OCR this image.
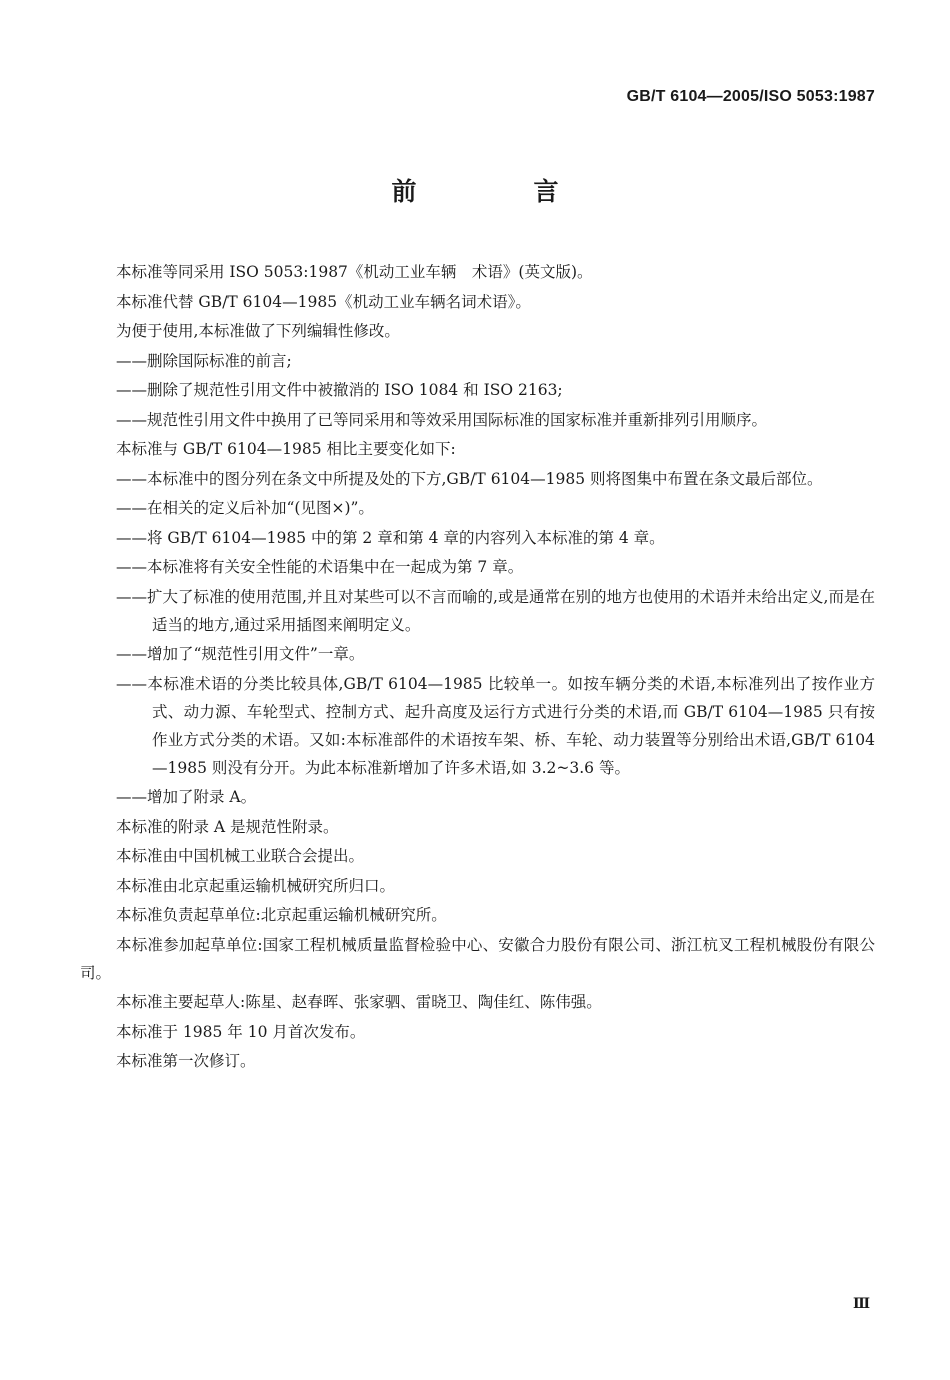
GB/T 6104—2005/ISO 5053:1987
前　言

本标准等同采用 ISO 5053:1987《机动工业车辆　术语》(英文版)。

本标准代替 GB/T 6104—1985《机动工业车辆名词术语》。

为便于使用,本标准做了下列编辑性修改。

——删除国际标准的前言;

——删除了规范性引用文件中被撤消的 ISO 1084 和 ISO 2163;

——规范性引用文件中换用了已等同采用和等效采用国际标准的国家标准并重新排列引用顺序。

本标准与 GB/T 6104—1985 相比主要变化如下:

——本标准中的图分列在条文中所提及处的下方,GB/T 6104—1985 则将图集中布置在条文最后部位。

——在相关的定义后补加“(见图×)”。

——将 GB/T 6104—1985 中的第 2 章和第 4 章的内容列入本标准的第 4 章。

——本标准将有关安全性能的术语集中在一起成为第 7 章。

——扩大了标准的使用范围,并且对某些可以不言而喻的,或是通常在别的地方也使用的术语并未给出定义,而是在适当的地方,通过采用插图来阐明定义。

——增加了“规范性引用文件”一章。

——本标准术语的分类比较具体,GB/T 6104—1985 比较单一。如按车辆分类的术语,本标准列出了按作业方式、动力源、车轮型式、控制方式、起升高度及运行方式进行分类的术语,而 GB/T 6104—1985 只有按作业方式分类的术语。又如:本标准部件的术语按车架、桥、车轮、动力装置等分别给出术语,GB/T 6104—1985 则没有分开。为此本标准新增加了许多术语,如 3.2~3.6 等。

——增加了附录 A。

本标准的附录 A 是规范性附录。

本标准由中国机械工业联合会提出。

本标准由北京起重运输机械研究所归口。

本标准负责起草单位:北京起重运输机械研究所。

本标准参加起草单位:国家工程机械质量监督检验中心、安徽合力股份有限公司、浙江杭叉工程机械股份有限公司。

本标准主要起草人:陈星、赵春晖、张家驷、雷晓卫、陶佳红、陈伟强。

本标准于 1985 年 10 月首次发布。

本标准第一次修订。

Ⅲ
